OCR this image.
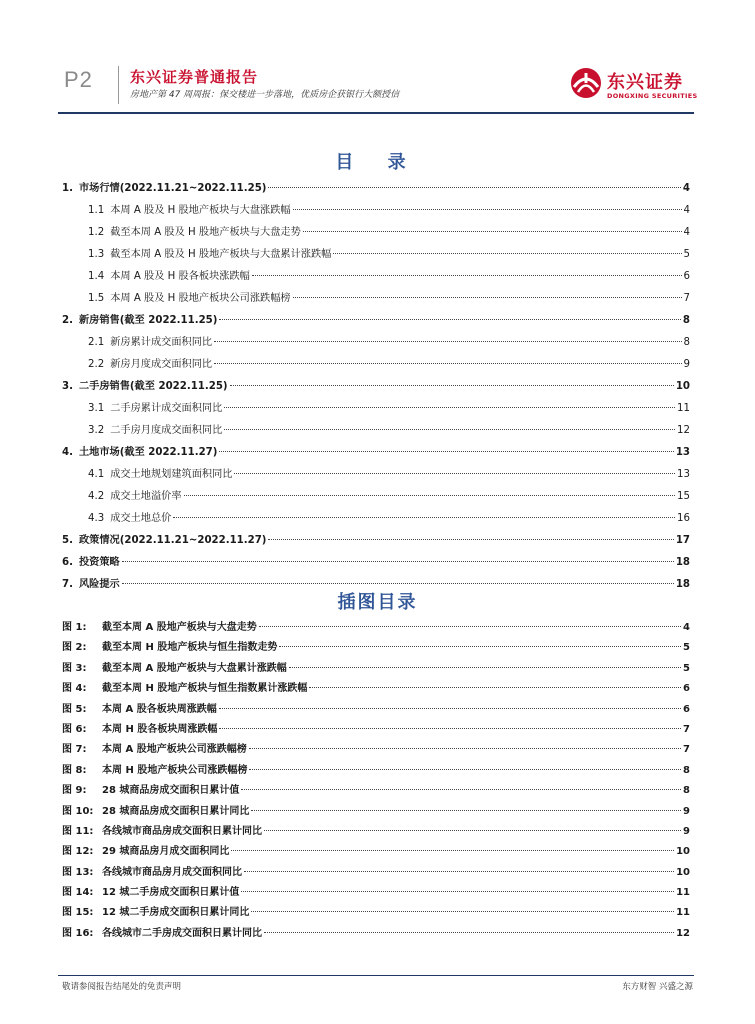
P2 东兴证券普通报告
房地产第 47 周周报：保交楼进一步落地，优质房企获银行大额授信
东兴证券
DONGXING SECURITIES
目 录
1. 市场行情(2022.11.21~2022.11.25)	4
1.1 本周 A 股及 H 股地产板块与大盘涨跌幅	4
1.2 截至本周 A 股及 H 股地产板块与大盘走势	4
1.3 截至本周 A 股及 H 股地产板块与大盘累计涨跌幅	5
1.4 本周 A 股及 H 股各板块涨跌幅	6
1.5 本周 A 股及 H 股地产板块公司涨跌幅榜	7
2. 新房销售(截至 2022.11.25)	8
2.1 新房累计成交面积同比	8
2.2 新房月度成交面积同比	9
3. 二手房销售(截至 2022.11.25)	10
3.1 二手房累计成交面积同比	11
3.2 二手房月度成交面积同比	12
4. 土地市场(截至 2022.11.27)	13
4.1 成交土地规划建筑面积同比	13
4.2 成交土地溢价率	15
4.3 成交土地总价	16
5. 政策情况(2022.11.21~2022.11.27)	17
6. 投资策略	18
7. 风险提示	18
插图目录
图 1:	截至本周 A 股地产板块与大盘走势	4
图 2:	截至本周 H 股地产板块与恒生指数走势	5
图 3:	截至本周 A 股地产板块与大盘累计涨跌幅	5
图 4:	截至本周 H 股地产板块与恒生指数累计涨跌幅	6
图 5:	本周 A 股各板块周涨跌幅	6
图 6:	本周 H 股各板块周涨跌幅	7
图 7:	本周 A 股地产板块公司涨跌幅榜	7
图 8:	本周 H 股地产板块公司涨跌幅榜	8
图 9:	28 城商品房成交面积日累计值	8
图 10: 28 城商品房成交面积日累计同比	9
图 11: 各线城市商品房成交面积日累计同比	9
图 12: 29 城商品房月成交面积同比	10
图 13: 各线城市商品房月成交面积同比	10
图 14: 12 城二手房成交面积日累计值	11
图 15: 12 城二手房成交面积日累计同比	11
图 16: 各线城市二手房成交面积日累计同比	12
敬请参阅报告结尾处的免责声明	东方财智 兴盛之源
